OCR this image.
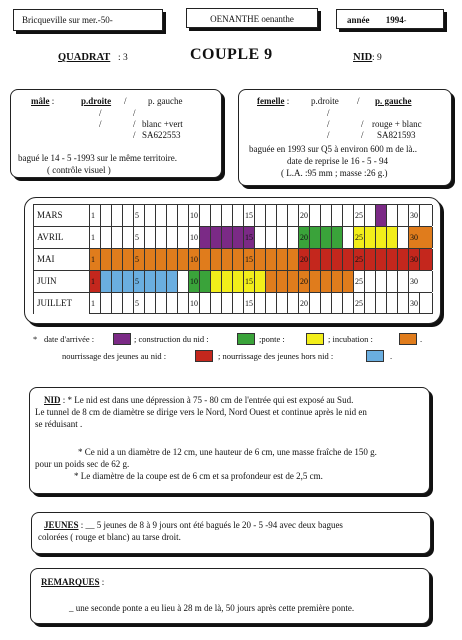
Bricqueville sur mer.-50-	OENANTHE oenanthe	année 1994-
QUADRAT : 3	COUPLE 9	NID : 9
mâle :	p.droite / p. gauche
/	/
/	/ blanc +vert
/ SA622553
bagué le 14 - 5 -1993 sur le même territoire.
( contrôle visuel )
femelle : p.droite / p. gauche
/
/	/ rouge + blanc
/	/ SA821593
baguée en 1993 sur Q5 à environ 600 m de là..
date de reprise le 16 - 5 - 94
( L.A. :95 mm ; masse :26 g.)
MARS	1	5	10	15	20	25	30
AVRIL	1	5	10	15	20	25	30
MAI	1	5	10	15	20	25	30
JUIN	1	5	10	15	20	25	30
JUILLET	1	5	10	15	20	25	30
* date d'arrivée :	; construction du nid :	;ponte :	; incubation :	.
nourrissage des jeunes au nid :	; nourrissage des jeunes hors nid :	.
NID : * Le nid est dans une dépression à 75 - 80 cm de l'entrée qui est exposé au Sud.
Le tunnel de 8 cm de diamètre se dirige vers le Nord, Nord Ouest et continue après le nid en
se réduisant .
* Ce nid a un diamètre de 12 cm, une hauteur de 6 cm, une masse fraîche de 150 g.
pour un poids sec de 62 g.
* Le diamètre de la coupe est de 6 cm et sa profondeur est de 2,5 cm.
JEUNES : __ 5 jeunes de 8 à 9 jours ont été bagués le 20 - 5 -94 avec deux bagues
colorées ( rouge et blanc) au tarse droit.
REMARQUES :
_ une seconde ponte a eu lieu à 28 m de là, 50 jours après cette première ponte.
